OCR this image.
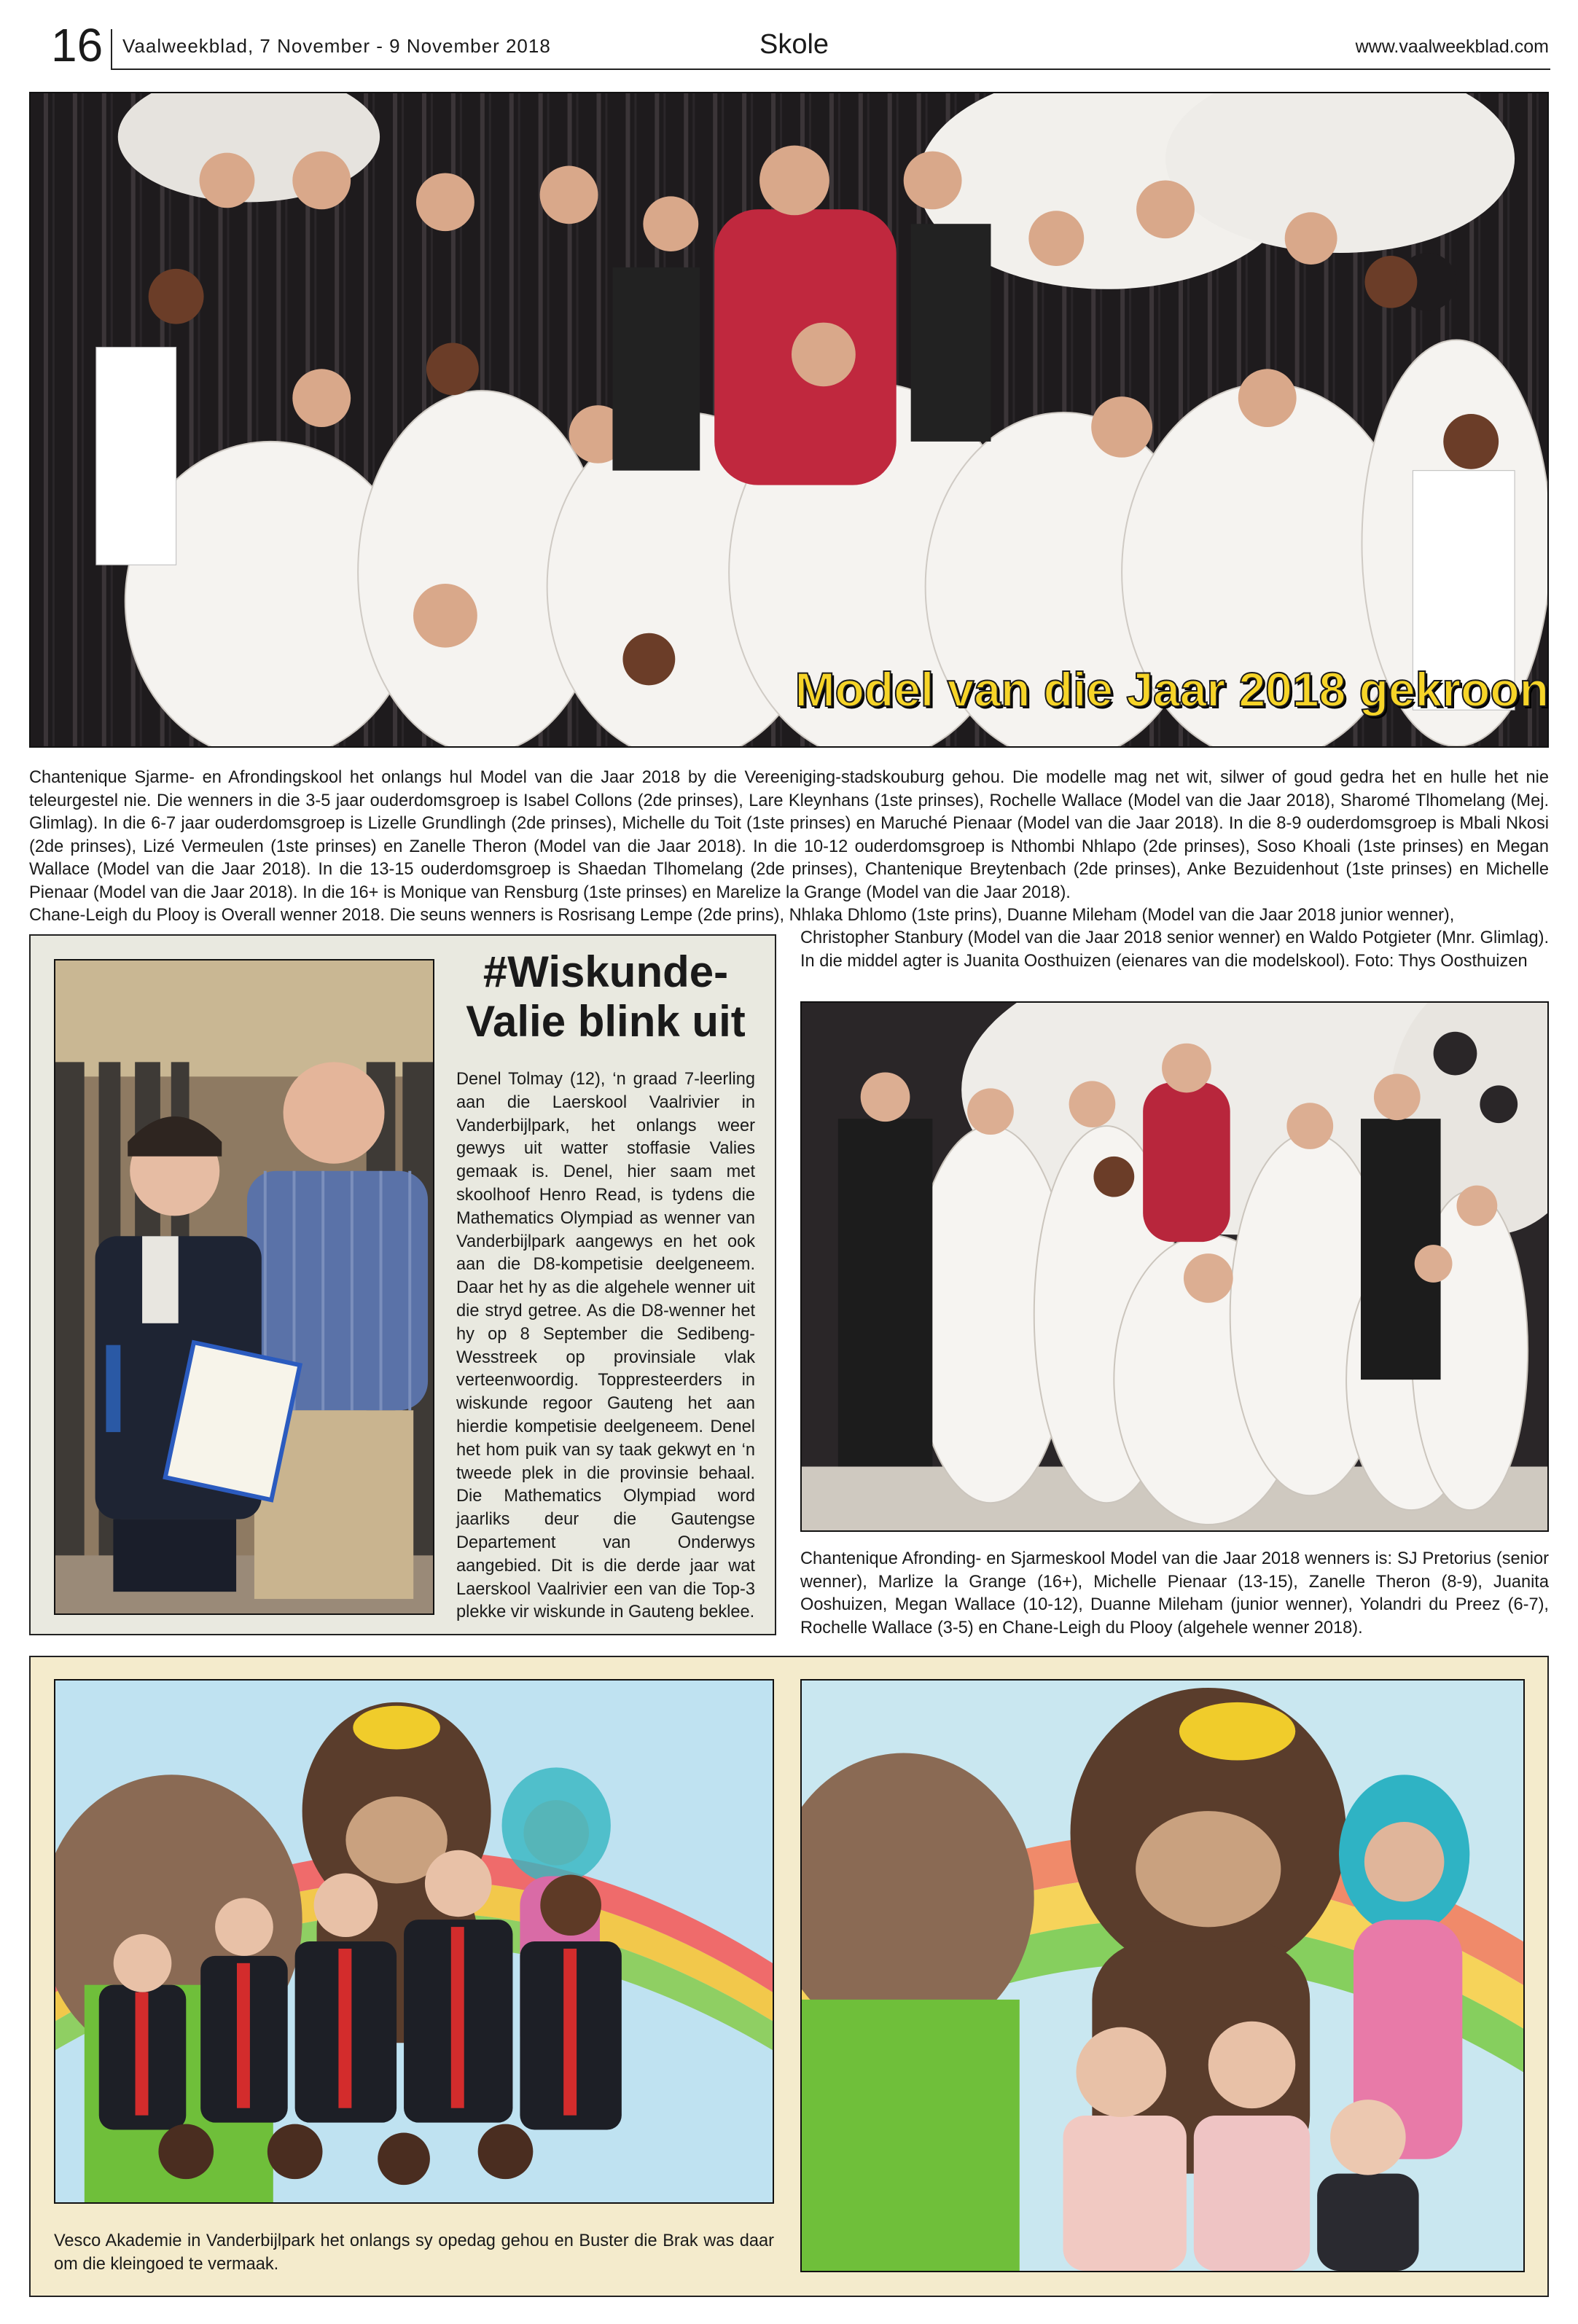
16 Vaalweekblad, 7 November - 9 November 2018	Skole	www.vaalweekblad.com
Model van die Jaar 2018 gekroon
Chantenique Sjarme- en Afrondingskool het onlangs hul Model van die Jaar 2018 by die Vereeniging-stadskouburg gehou. Die modelle mag net wit, silwer of goud gedra het en hulle het nie teleurgestel nie. Die wenners in die 3-5 jaar ouderdomsgroep is Isabel Collons (2de prinses), Lare Kleynhans (1ste prinses), Rochelle Wallace (Model van die Jaar 2018), Sharomé Tlhomelang (Mej. Glimlag). In die 6-7 jaar ouderdomsgroep is Lizelle Grundlingh (2de prinses), Michelle du Toit (1ste prinses) en Maruché Pienaar (Model van die Jaar 2018). In die 8-9 ouderdomsgroep is Mbali Nkosi (2de prinses), Lizé Vermeulen (1ste prinses) en Zanelle Theron (Model van die Jaar 2018). In die 10-12 ouderdomsgroep is Nthombi Nhlapo (2de prinses), Soso Khoali (1ste prinses) en Megan Wallace (Model van die Jaar 2018). In die 13-15 ouderdomsgroep is Shaedan Tlhomelang (2de prinses), Chantenique Breytenbach (2de prinses), Anke Bezuidenhout (1ste prinses) en Michelle Pienaar (Model van die Jaar 2018). In die 16+ is Monique van Rensburg (1ste prinses) en Marelize la Grange (Model van die Jaar 2018).
Chane-Leigh du Plooy is Overall wenner 2018. Die seuns wenners is Rosrisang Lempe (2de prins), Nhlaka Dhlomo (1ste prins), Duanne Mileham (Model van die Jaar 2018 junior wenner),
Christopher Stanbury (Model van die Jaar 2018 senior wenner) en Waldo Potgieter (Mnr. Glimlag). In die middel agter is Juanita Oosthuizen (eienares van die modelskool). Foto: Thys Oosthuizen
#Wiskunde-
Valie blink uit
Denel Tolmay (12), ‘n graad 7-leerling aan die Laerskool Vaalrivier in Vanderbijlpark, het onlangs weer gewys uit watter stoffasie Valies gemaak is. Denel, hier saam met skoolhoof Henro Read, is tydens die Mathematics Olympiad as wenner van Vanderbijlpark aangewys en het ook aan die D8-kompetisie deelgeneem. Daar het hy as die algehele wenner uit die stryd getree. As die D8-wenner het hy op 8 September die Sedibeng-Wesstreek op provinsiale vlak verteenwoordig. Toppresteerders in wiskunde regoor Gauteng het aan hierdie kompetisie deelgeneem. Denel het hom puik van sy taak gekwyt en ‘n tweede plek in die provinsie behaal. Die Mathematics Olympiad word jaarliks deur die Gautengse Departement van Onderwys aangebied. Dit is die derde jaar wat Laerskool Vaalrivier een van die Top-3 plekke vir wiskunde in Gauteng beklee.
Chantenique Afronding- en Sjarmeskool Model van die Jaar 2018 wenners is: SJ Pretorius (senior wenner), Marlize la Grange (16+), Michelle Pienaar (13-15), Zanelle Theron (8-9), Juanita Ooshuizen, Megan Wallace (10-12), Duanne Mileham (junior wenner), Yolandri du Preez (6-7), Rochelle Wallace (3-5) en Chane-Leigh du Plooy (algehele wenner 2018).
Vesco Akademie in Vanderbijlpark het onlangs sy opedag gehou en Buster die Brak was daar om die kleingoed te vermaak.
